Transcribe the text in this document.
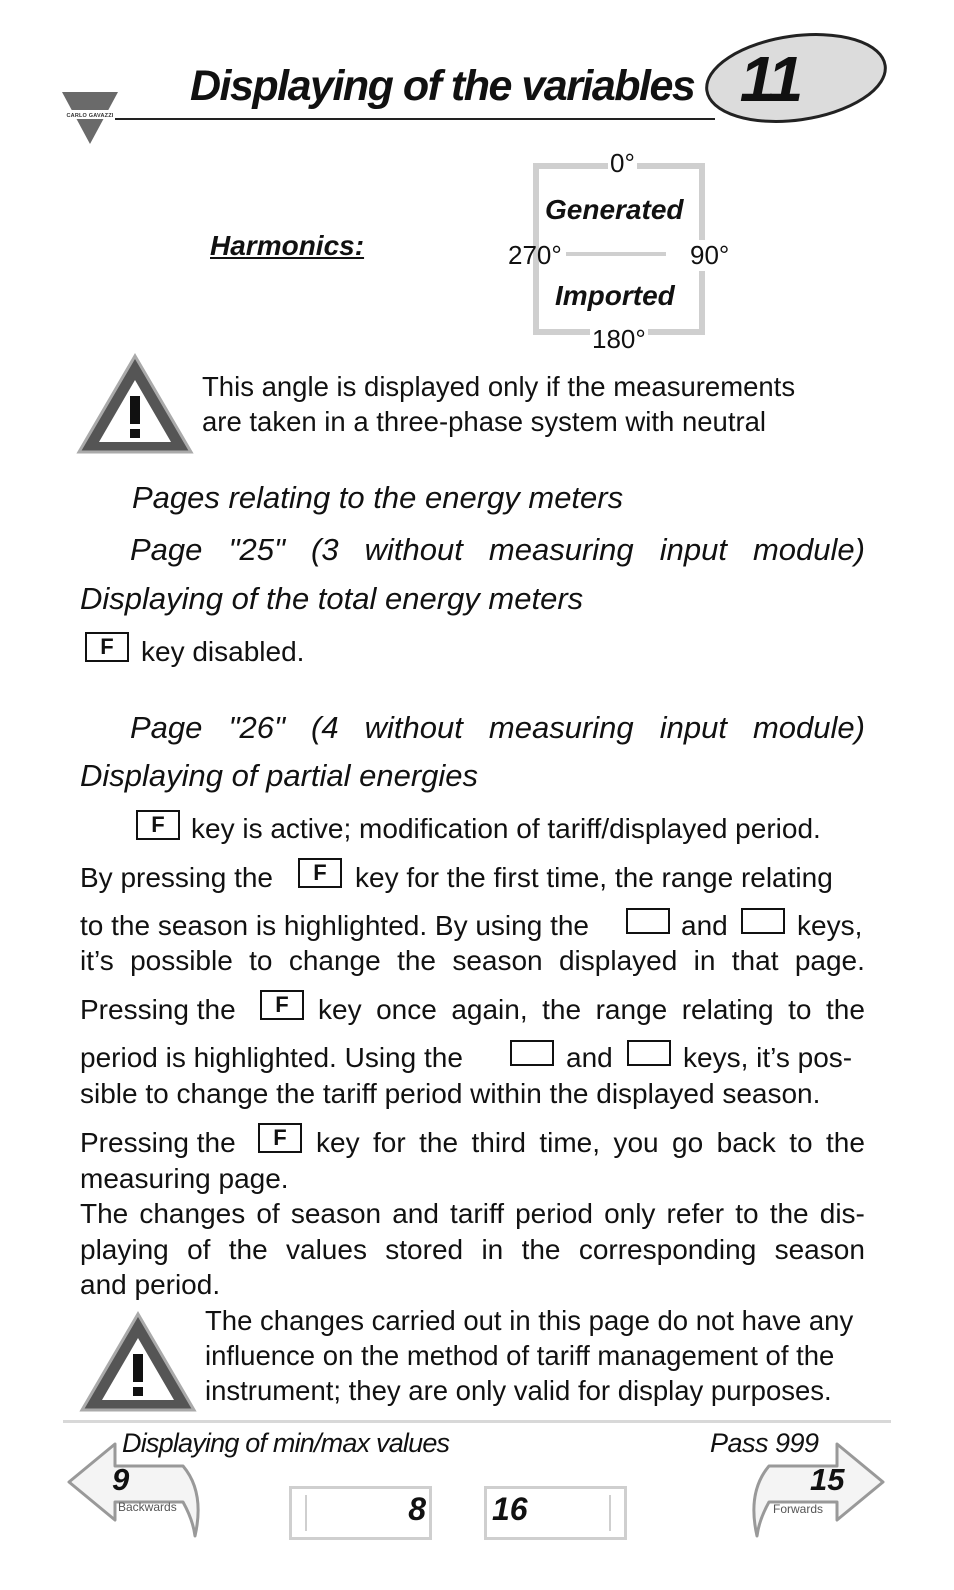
CARLO GAVAZZI
Displaying of the variables 11
Harmonics:
0°
90°
180°
270°
Generated
Imported
This angle is displayed only if the measurements
are taken in a three-phase system with neutral
Pages relating to the energy meters
Page "25" (3 without measuring input module)
Displaying of the total energy meters
F key disabled.
Page "26" (4 without measuring input module)
Displaying of partial energies
F key is active; modification of tariff/displayed period.
By pressing the	F	key for the first time, the range relating
to the season is highlighted. By using the	and keys,
it’s possible to change the season displayed in that page.
Pressing the	F	key once again, the range relating to the
period is highlighted. Using the	and	keys, it’s pos-
sible to change the tariff period within the displayed season.
Pressing the	F	key for the third time, you go back to the
measuring page.
The changes of season and tariff period only refer to the dis-
playing of the values stored in the corresponding season
and period.
The changes carried out in this page do not have any
influence on the method of tariff management of the
instrument; they are only valid for display purposes.
9
Backwards
Displaying of min/max values
15
Forwards
Pass 999
8 16
